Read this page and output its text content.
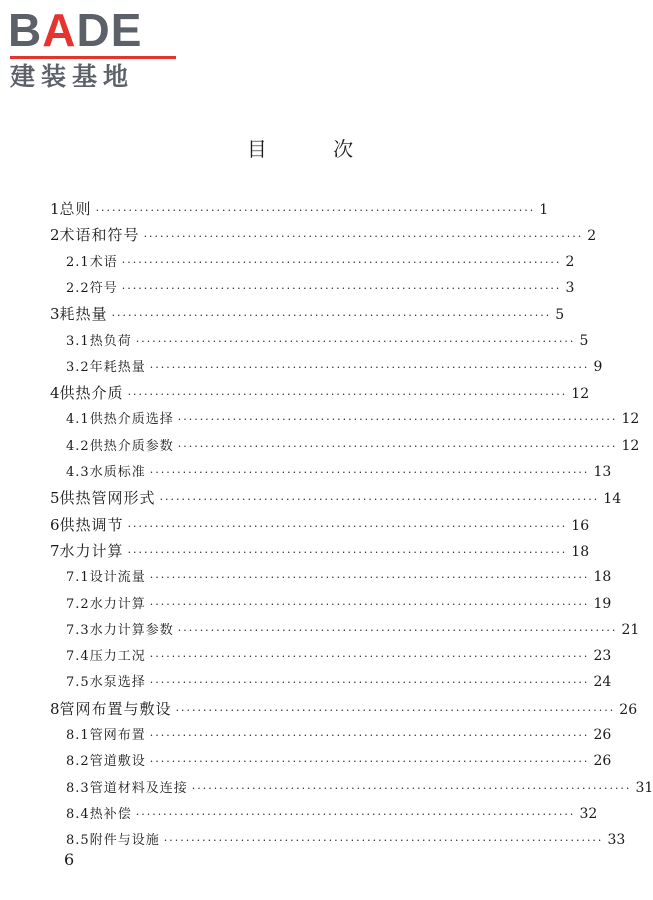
BADE
建装基地
目 次
1 总则 ················································································ 1
2 术语和符号 ················································································ 2
2.1 术语 ················································································ 2
2.2 符号 ················································································ 3
3 耗热量 ················································································ 5
3.1 热负荷 ················································································ 5
3.2 年耗热量 ················································································ 9
4 供热介质 ················································································ 12
4.1 供热介质选择 ················································································ 12
4.2 供热介质参数 ················································································ 12
4.3 水质标准 ················································································ 13
5 供热管网形式 ················································································ 14
6 供热调节 ················································································ 16
7 水力计算 ················································································ 18
7.1 设计流量 ················································································ 18
7.2 水力计算 ················································································ 19
7.3 水力计算参数 ················································································ 21
7.4 压力工况 ················································································ 23
7.5 水泵选择 ················································································ 24
8 管网布置与敷设 ················································································ 26
8.1 管网布置 ················································································ 26
8.2 管道敷设 ················································································ 26
8.3 管道材料及连接 ················································································ 31
8.4 热补偿 ················································································ 32
8.5 附件与设施 ················································································ 33
6
